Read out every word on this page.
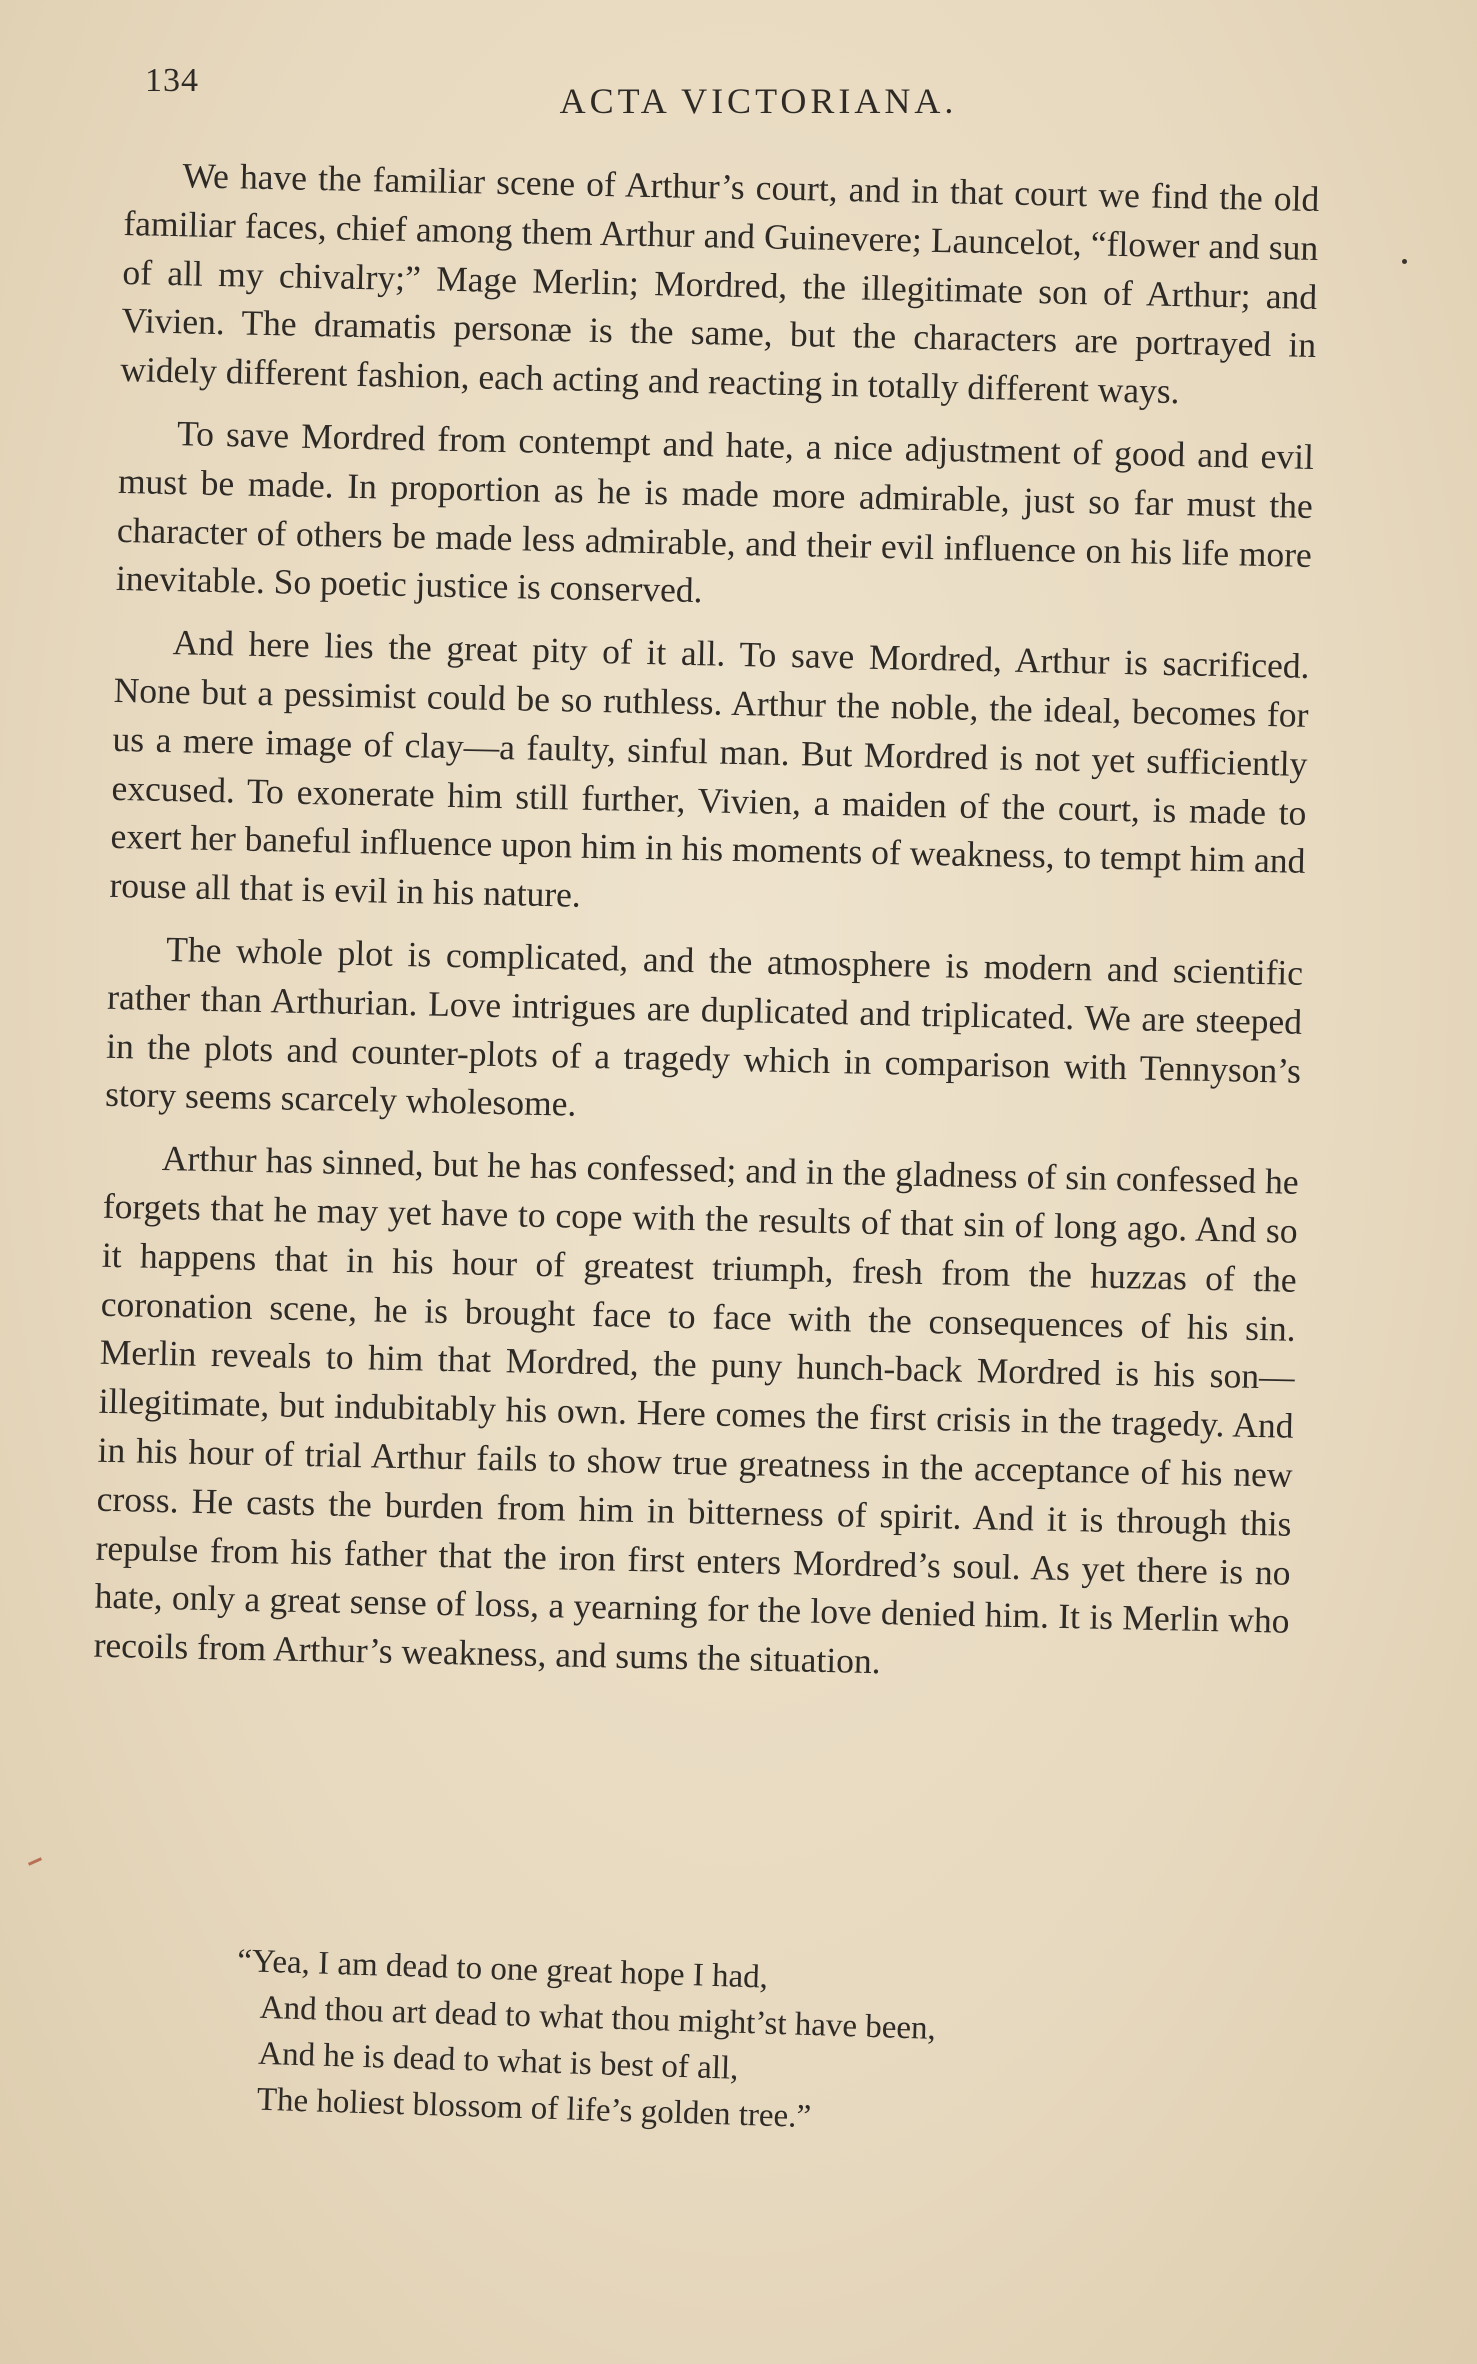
134
ACTA VICTORIANA.

We have the familiar scene of Arthur’s court, and in that court we find the old familiar faces, chief among them Arthur and Guinevere; Launcelot, “flower and sun of all my chivalry;” Mage Merlin; Mordred, the illegitimate son of Arthur; and Vivien. The dramatis personæ is the same, but the characters are portrayed in widely different fashion, each acting and reacting in totally different ways.

To save Mordred from contempt and hate, a nice adjustment of good and evil must be made. In proportion as he is made more admirable, just so far must the character of others be made less admirable, and their evil influence on his life more inevitable. So poetic justice is conserved.

And here lies the great pity of it all. To save Mordred, Arthur is sacrificed. None but a pessimist could be so ruthless. Arthur the noble, the ideal, becomes for us a mere image of clay—a faulty, sinful man. But Mordred is not yet sufficiently excused. To exonerate him still further, Vivien, a maiden of the court, is made to exert her baneful influence upon him in his moments of weakness, to tempt him and rouse all that is evil in his nature.

The whole plot is complicated, and the atmosphere is modern and scientific rather than Arthurian. Love intrigues are duplicated and triplicated. We are steeped in the plots and counter-plots of a tragedy which in comparison with Tennyson’s story seems scarcely wholesome.

Arthur has sinned, but he has confessed; and in the gladness of sin confessed he forgets that he may yet have to cope with the results of that sin of long ago. And so it happens that in his hour of greatest triumph, fresh from the huzzas of the coronation scene, he is brought face to face with the consequences of his sin. Merlin reveals to him that Mordred, the puny hunch-back Mordred is his son—illegitimate, but indubitably his own. Here comes the first crisis in the tragedy. And in his hour of trial Arthur fails to show true greatness in the acceptance of his new cross. He casts the burden from him in bitterness of spirit. And it is through this repulse from his father that the iron first enters Mordred’s soul. As yet there is no hate, only a great sense of loss, a yearning for the love denied him. It is Merlin who recoils from Arthur’s weakness, and sums the situation.

“Yea, I am dead to one great hope I had,
And thou art dead to what thou might’st have been,
And he is dead to what is best of all,
The holiest blossom of life’s golden tree.”
